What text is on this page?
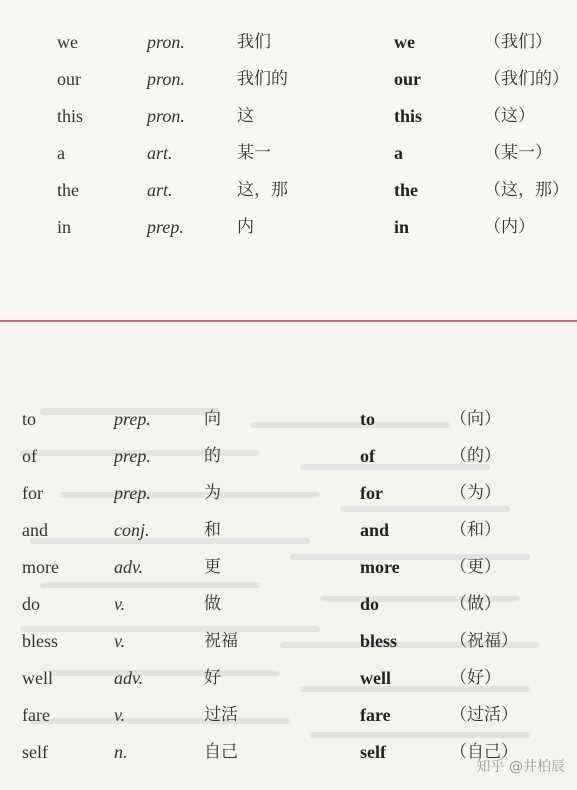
we	pron.	我们	we	（我们）
our	pron.	我们的	our	（我们的）
this	pron.	这	this	（这）
a	art.	某一	a	（某一）
the	art.	这，那	the	（这，那）
in	prep.	内	in	（内）
to	prep.	向	to	（向）
of	prep.	的	of	（的）
for	prep.	为	for	（为）
and	conj.	和	and	（和）
more	adv.	更	more	（更）
do	v.	做	do	（做）
bless	v.	祝福	bless	（祝福）
well	adv.	好	well	（好）
fare	v.	过活	fare	（过活）
self	n.	自己	self	（自己）
知乎 @井柏辰
